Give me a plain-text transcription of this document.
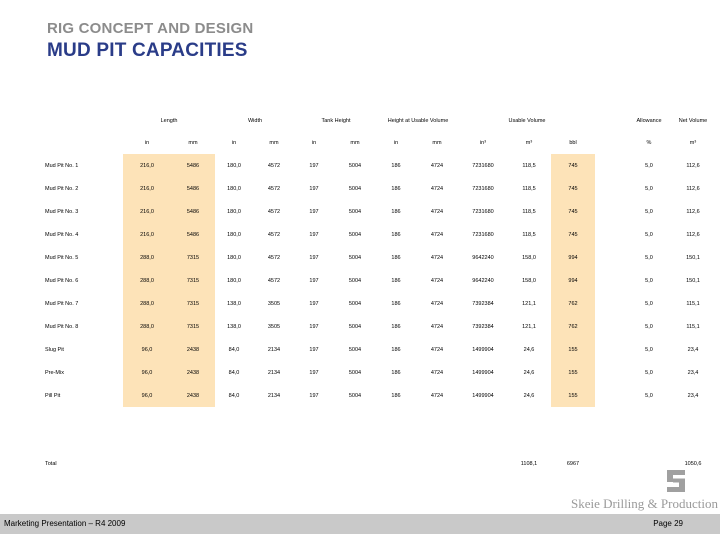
RIG CONCEPT AND DESIGN
MUD PIT CAPACITIES
	Length		Width		Tank Height		Height at Usable Volume		Usable Volume				Allowance	Net Volume
	in	mm	in	mm	in	mm	in	mm	in³	m³	bbl		%	m³
Mud Pit No. 1	216,0	5486	180,0	4572	197	5004	186	4724	7231680	118,5	745		5,0	112,6
Mud Pit No. 2	216,0	5486	180,0	4572	197	5004	186	4724	7231680	118,5	745		5,0	112,6
Mud Pit No. 3	216,0	5486	180,0	4572	197	5004	186	4724	7231680	118,5	745		5,0	112,6
Mud Pit No. 4	216,0	5486	180,0	4572	197	5004	186	4724	7231680	118,5	745		5,0	112,6
Mud Pit No. 5	288,0	7315	180,0	4572	197	5004	186	4724	9642240	158,0	994		5,0	150,1
Mud Pit No. 6	288,0	7315	180,0	4572	197	5004	186	4724	9642240	158,0	994		5,0	150,1
Mud Pit No. 7	288,0	7315	138,0	3505	197	5004	186	4724	7392384	121,1	762		5,0	115,1
Mud Pit No. 8	288,0	7315	138,0	3505	197	5004	186	4724	7392384	121,1	762		5,0	115,1
Slug Pit	96,0	2438	84,0	2134	197	5004	186	4724	1499904	24,6	155		5,0	23,4
Pre-Mix	96,0	2438	84,0	2134	197	5004	186	4724	1499904	24,6	155		5,0	23,4
Pill Pit	96,0	2438	84,0	2134	197	5004	186	4724	1499904	24,6	155		5,0	23,4
Total										1108,1	6967			1050,6
Skeie Drilling & Production
Marketing Presentation – R4 2009	Page 29
